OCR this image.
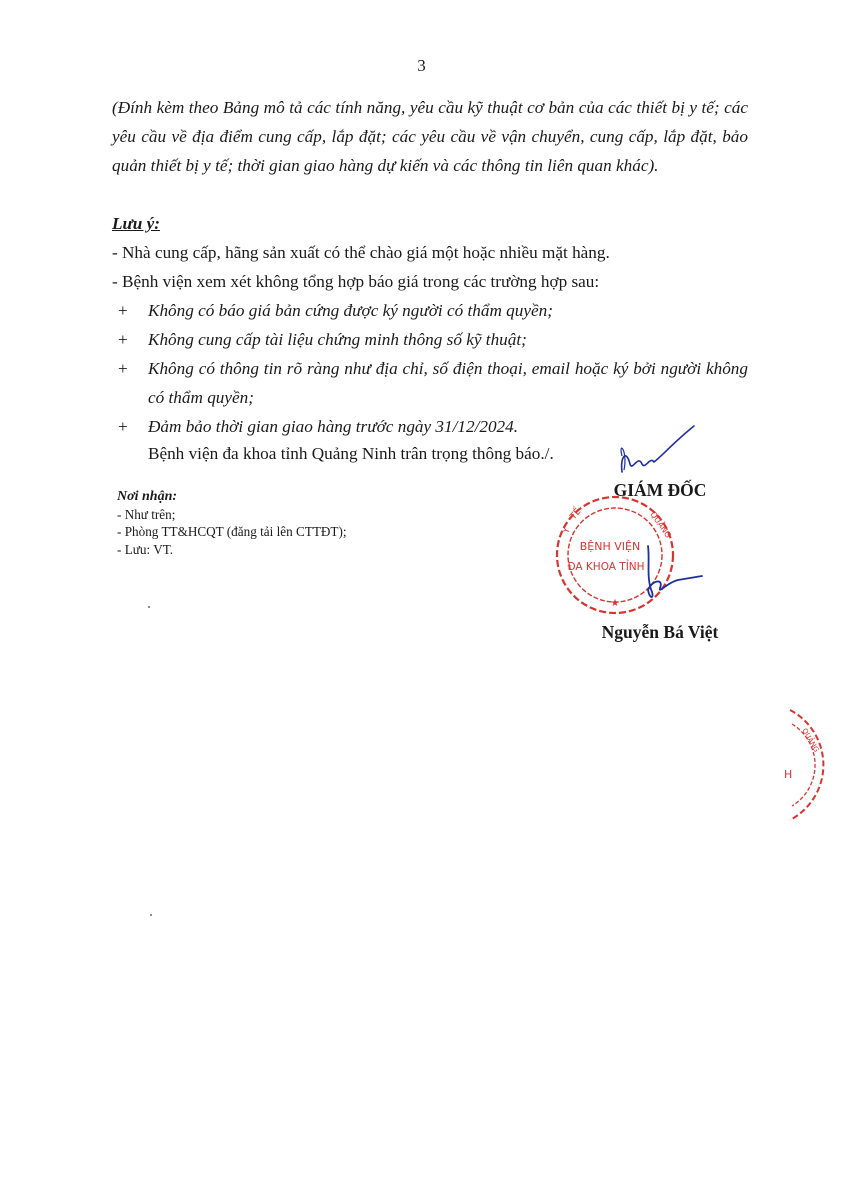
3
(Đính kèm theo Bảng mô tả các tính năng, yêu cầu kỹ thuật cơ bản của các thiết bị y tế; các yêu cầu về địa điểm cung cấp, lắp đặt; các yêu cầu về vận chuyển, cung cấp, lắp đặt, bảo quản thiết bị y tế; thời gian giao hàng dự kiến và các thông tin liên quan khác).
Lưu ý:
- Nhà cung cấp, hãng sản xuất có thể chào giá một hoặc nhiều mặt hàng.
- Bệnh viện xem xét không tổng hợp báo giá trong các trường hợp sau:
+	Không có báo giá bản cứng được ký người có thẩm quyền;
+	Không cung cấp tài liệu chứng minh thông số kỹ thuật;
+	Không có thông tin rõ ràng như địa chỉ, số điện thoại, email hoặc ký bởi người không có thẩm quyền;
+	Đảm bảo thời gian giao hàng trước ngày 31/12/2024.
Bệnh viện đa khoa tỉnh Quảng Ninh trân trọng thông báo./.
Nơi nhận:
- Như trên;
- Phòng TT&HCQT (đăng tải lên CTTĐT);
- Lưu: VT.
GIÁM ĐỐC
Y
TẾ	QUẢNG
★
BỆNH VIỆN
ĐA KHOA TỈNH
Nguyễn Bá Việt
QUẢNG
H
